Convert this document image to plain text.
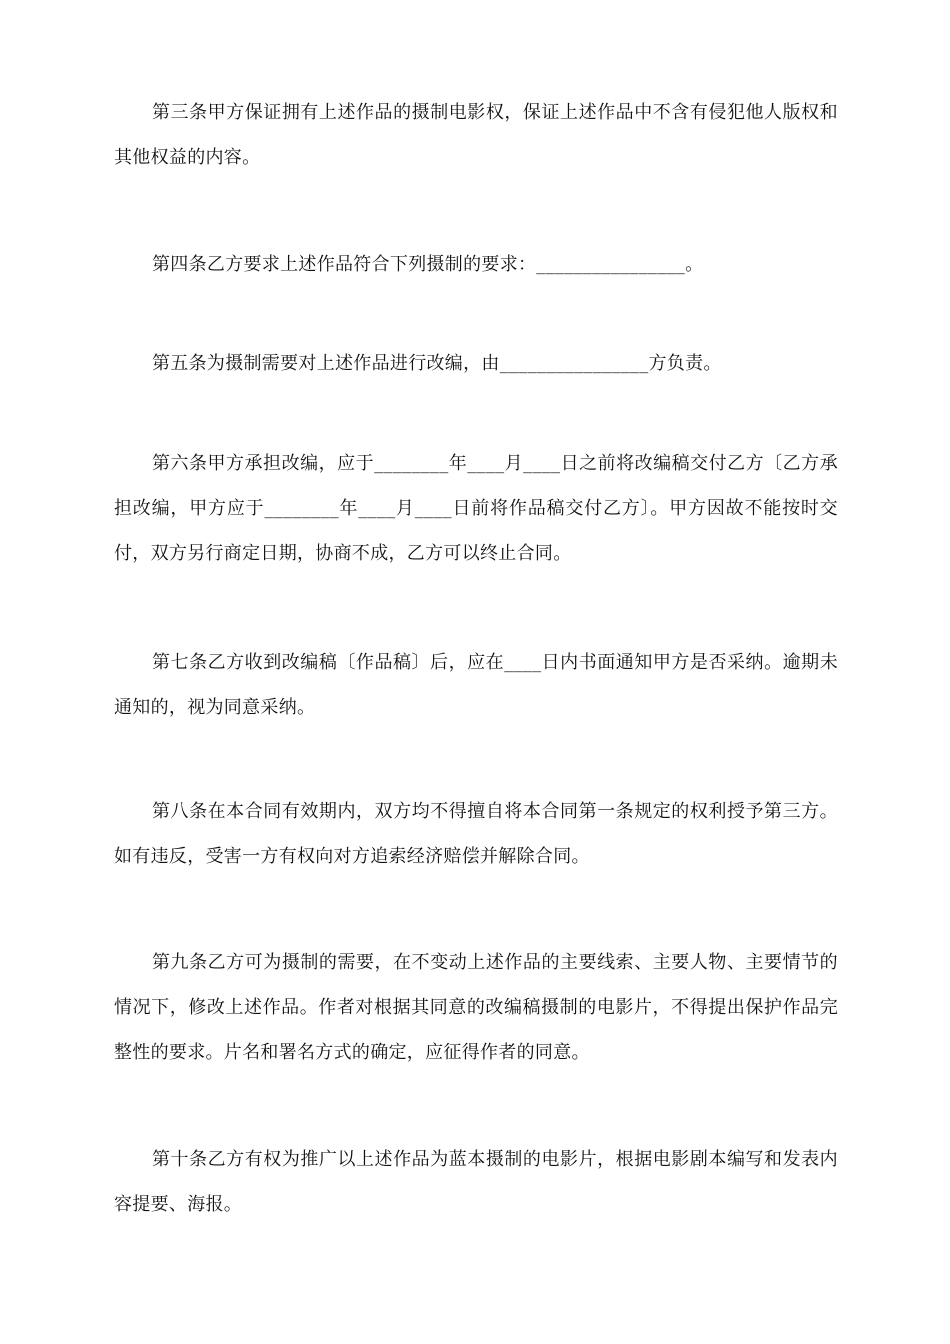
第三条甲方保证拥有上述作品的摄制电影权，保证上述作品中不含有侵犯他人版权和其他权益的内容。

第四条乙方要求上述作品符合下列摄制的要求：________________。

第五条为摄制需要对上述作品进行改编，由________________方负责。

第六条甲方承担改编，应于________年____月____日之前将改编稿交付乙方〔乙方承担改编，甲方应于________年____月____日前将作品稿交付乙方〕。甲方因故不能按时交付，双方另行商定日期，协商不成，乙方可以终止合同。

第七条乙方收到改编稿〔作品稿〕后，应在____日内书面通知甲方是否采纳。逾期未通知的，视为同意采纳。

第八条在本合同有效期内，双方均不得擅自将本合同第一条规定的权利授予第三方。如有违反，受害一方有权向对方追索经济赔偿并解除合同。

第九条乙方可为摄制的需要，在不变动上述作品的主要线索、主要人物、主要情节的情况下，修改上述作品。作者对根据其同意的改编稿摄制的电影片，不得提出保护作品完整性的要求。片名和署名方式的确定，应征得作者的同意。

第十条乙方有权为推广以上述作品为蓝本摄制的电影片，根据电影剧本编写和发表内容提要、海报。
